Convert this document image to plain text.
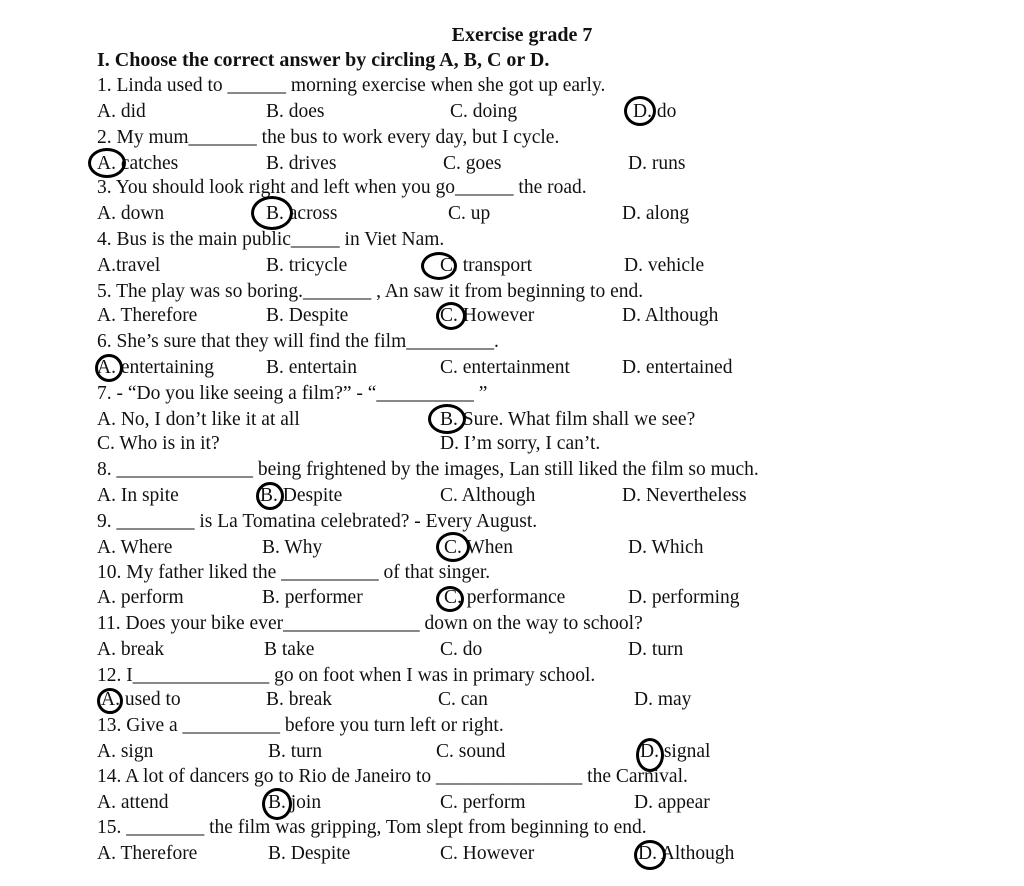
Exercise grade 7
I. Choose the correct answer by circling A, B, C or D.
1. Linda used to ______ morning exercise when she got up early.
A. did	B. does	C. doing	D. do
2. My mum_______ the bus to work every day, but I cycle.
A. catches	B. drives	C. goes	D. runs
3. You should look right and left when you go______ the road.
A. down	B. across	C. up	D. along
4. Bus is the main public_____ in Viet Nam.
A.travel	B. tricycle	C. transport	D. vehicle
5. The play was so boring._______ , An saw it from beginning to end.
A. Therefore	B. Despite	C. However	D. Although
6. She’s sure that they will find the film_________.
A. entertaining	B. entertain	C. entertainment	D. entertained
7. - “Do you like seeing a film?” - “__________ ”
A. No, I don’t like it at all	B. Sure. What film shall we see?
C. Who is in it?	D. I’m sorry, I can’t.
8. ______________ being frightened by the images, Lan still liked the film so much.
A. In spite	B. Despite	C. Although	D. Nevertheless
9. ________ is La Tomatina celebrated? - Every August.
A. Where	B. Why	C. When	D. Which
10. My father liked the __________ of that singer.
A. perform	B. performer	C. performance	D. performing
11. Does your bike ever______________ down on the way to school?
A. break	B take	C. do	D. turn
12. I______________ go on foot when I was in primary school.
A. used to	B. break	C. can	D. may
13. Give a __________ before you turn left or right.
A. sign	B. turn	C. sound	D. signal
14. A lot of dancers go to Rio de Janeiro to _______________ the Carnival.
A. attend	B. join	C. perform	D. appear
15. ________ the film was gripping, Tom slept from beginning to end.
A. Therefore	B. Despite	C. However	D. Although
